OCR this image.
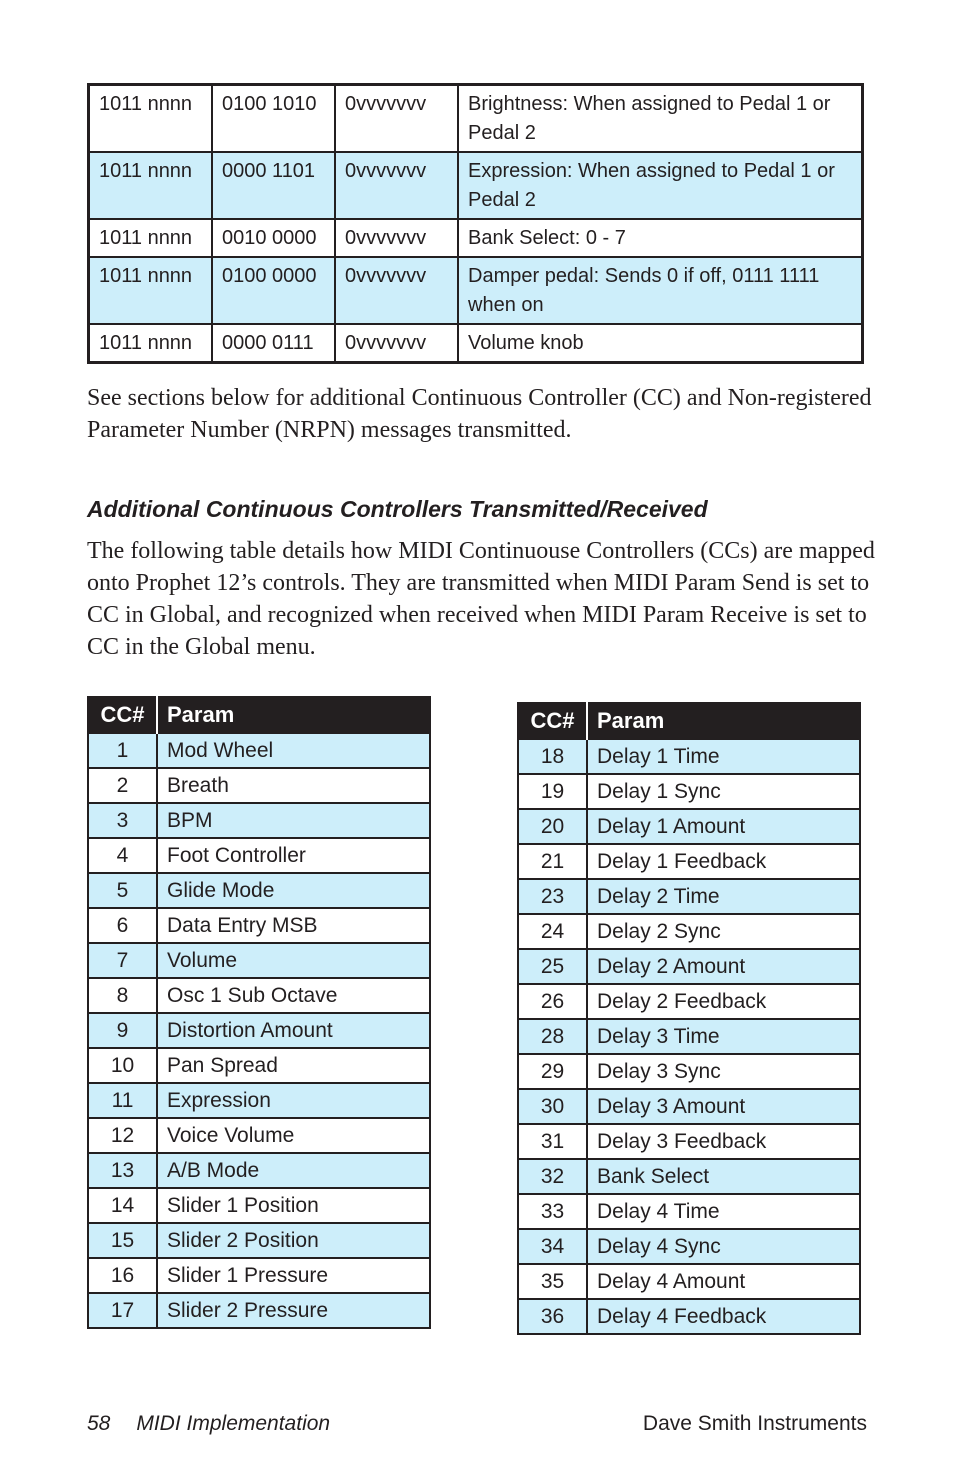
1011 nnnn	0100 1010	0vvvvvvv	Brightness: When assigned to Pedal 1 or Pedal 2
1011 nnnn	0000 1101	0vvvvvvv	Expression: When assigned to Pedal 1 or Pedal 2
1011 nnnn	0010 0000	0vvvvvvv	Bank Select: 0 - 7
1011 nnnn	0100 0000	0vvvvvvv	Damper pedal: Sends 0 if off, 0111 1111 when on
1011 nnnn	0000 0111	0vvvvvvv	Volume knob

See sections below for additional Continuous Controller (CC) and Non-registered Parameter Number (NRPN) messages transmitted.

Additional Continuous Controllers Transmitted/Received

The following table details how MIDI Continuouse Controllers (CCs) are mapped onto Prophet 12’s controls. They are transmitted when MIDI Param Send is set to CC in Global, and recognized when received when MIDI Param Receive is set to CC in the Global menu.

CC#	Param
1	Mod Wheel
2	Breath
3	BPM
4	Foot Controller
5	Glide Mode
6	Data Entry MSB
7	Volume
8	Osc 1 Sub Octave
9	Distortion Amount
10	Pan Spread
11	Expression
12	Voice Volume
13	A/B Mode
14	Slider 1 Position
15	Slider 2 Position
16	Slider 1 Pressure
17	Slider 2 Pressure
CC#	Param
18	Delay 1 Time
19	Delay 1 Sync
20	Delay 1 Amount
21	Delay 1 Feedback
23	Delay 2 Time
24	Delay 2 Sync
25	Delay 2 Amount
26	Delay 2 Feedback
28	Delay 3 Time
29	Delay 3 Sync
30	Delay 3 Amount
31	Delay 3 Feedback
32	Bank Select
33	Delay 4 Time
34	Delay 4 Sync
35	Delay 4 Amount
36	Delay 4 Feedback

58 MIDI Implementation	Dave Smith Instruments
